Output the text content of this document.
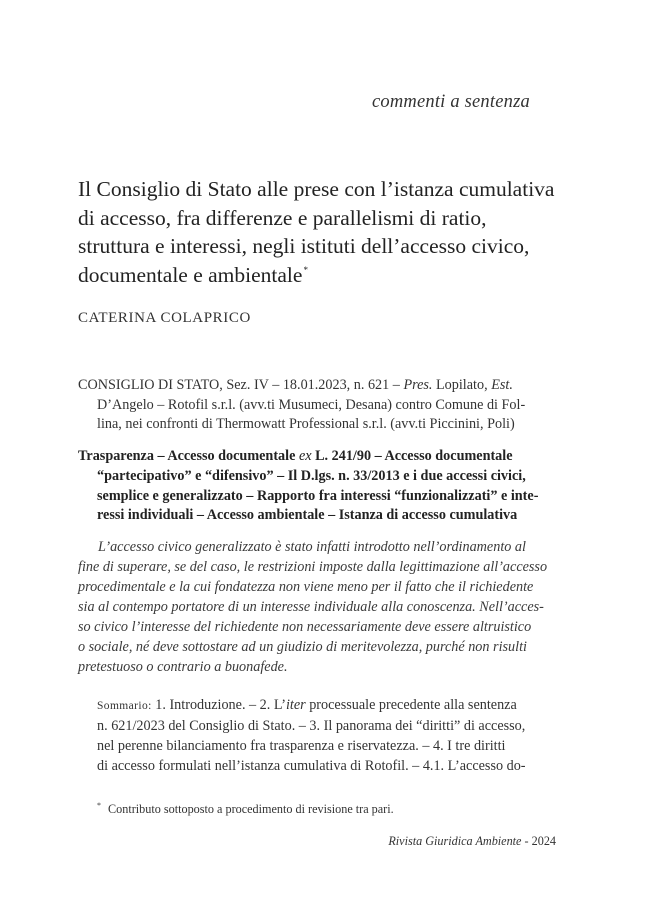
commenti a sentenza
Il Consiglio di Stato alle prese con l’istanza cumulativa
di accesso, fra differenze e parallelismi di ratio,
struttura e interessi, negli istituti dell’accesso civico,
documentale e ambientale*
CATERINA COLAPRICO
CONSIGLIO DI STATO, Sez. IV – 18.01.2023, n. 621 – Pres. Lopilato, Est.
D’Angelo – Rotofil s.r.l. (avv.ti Musumeci, Desana) contro Comune di Fol-
lina, nei confronti di Thermowatt Professional s.r.l. (avv.ti Piccinini, Poli)
Trasparenza – Accesso documentale ex L. 241/90 – Accesso documentale
“partecipativo” e “difensivo” – Il D.lgs. n. 33/2013 e i due accessi civici,
semplice e generalizzato – Rapporto fra interessi “funzionalizzati” e inte-
ressi individuali – Accesso ambientale – Istanza di accesso cumulativa
L’accesso civico generalizzato è stato infatti introdotto nell’ordinamento al
fine di superare, se del caso, le restrizioni imposte dalla legittimazione all’accesso
procedimentale e la cui fondatezza non viene meno per il fatto che il richiedente
sia al contempo portatore di un interesse individuale alla conoscenza. Nell’acces-
so civico l’interesse del richiedente non necessariamente deve essere altruistico
o sociale, né deve sottostare ad un giudizio di meritevolezza, purché non risulti
pretestuoso o contrario a buonafede.
Sommario: 1. Introduzione. – 2. L’iter processuale precedente alla sentenza
n. 621/2023 del Consiglio di Stato. – 3. Il panorama dei “diritti” di accesso,
nel perenne bilanciamento fra trasparenza e riservatezza. – 4. I tre diritti
di accesso formulati nell’istanza cumulativa di Rotofil. – 4.1. L’accesso do-
* Contributo sottoposto a procedimento di revisione tra pari.
Rivista Giuridica Ambiente - 2024
